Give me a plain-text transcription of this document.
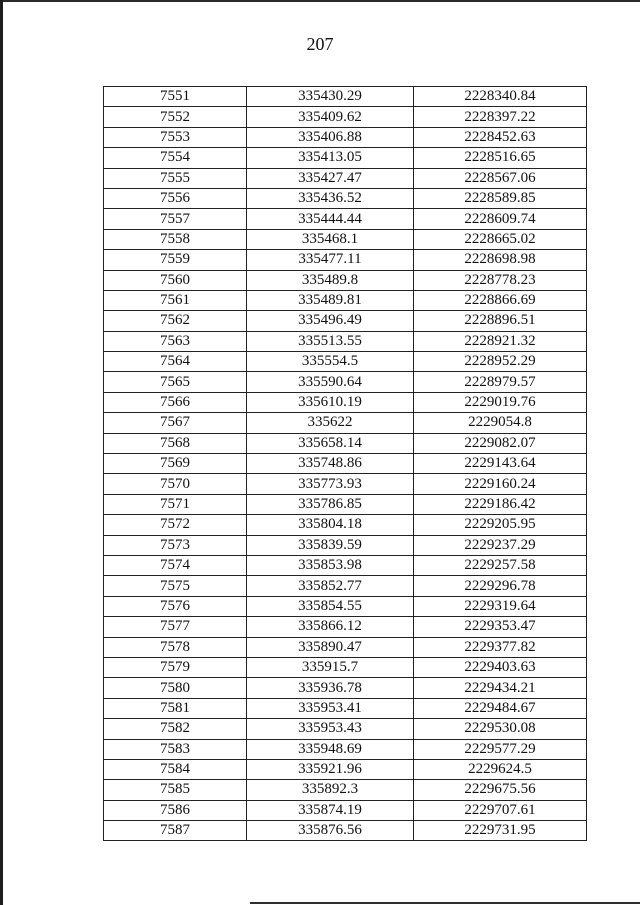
207
7551	335430.29	2228340.84
7552	335409.62	2228397.22
7553	335406.88	2228452.63
7554	335413.05	2228516.65
7555	335427.47	2228567.06
7556	335436.52	2228589.85
7557	335444.44	2228609.74
7558	335468.1	2228665.02
7559	335477.11	2228698.98
7560	335489.8	2228778.23
7561	335489.81	2228866.69
7562	335496.49	2228896.51
7563	335513.55	2228921.32
7564	335554.5	2228952.29
7565	335590.64	2228979.57
7566	335610.19	2229019.76
7567	335622	2229054.8
7568	335658.14	2229082.07
7569	335748.86	2229143.64
7570	335773.93	2229160.24
7571	335786.85	2229186.42
7572	335804.18	2229205.95
7573	335839.59	2229237.29
7574	335853.98	2229257.58
7575	335852.77	2229296.78
7576	335854.55	2229319.64
7577	335866.12	2229353.47
7578	335890.47	2229377.82
7579	335915.7	2229403.63
7580	335936.78	2229434.21
7581	335953.41	2229484.67
7582	335953.43	2229530.08
7583	335948.69	2229577.29
7584	335921.96	2229624.5
7585	335892.3	2229675.56
7586	335874.19	2229707.61
7587	335876.56	2229731.95
